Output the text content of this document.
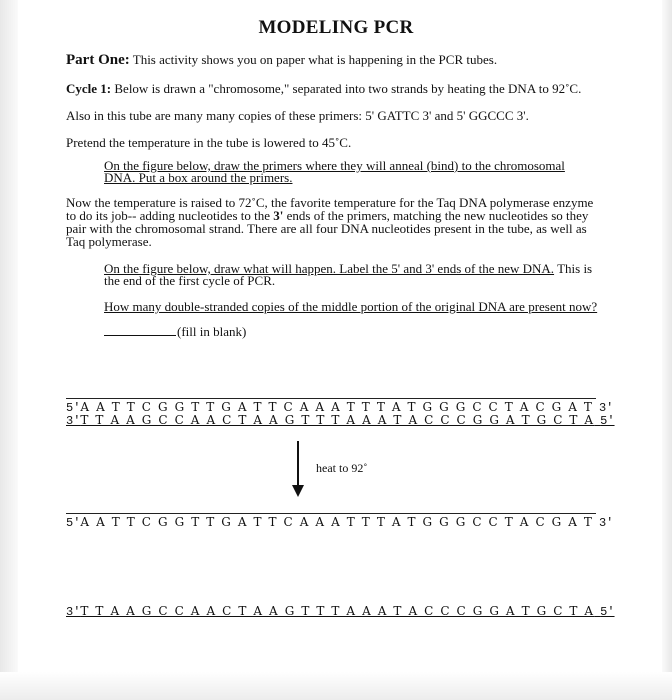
MODELING PCR
Part One: This activity shows you on paper what is happening in the PCR tubes.
Cycle 1: Below is drawn a "chromosome," separated into two strands by heating the DNA to 92˚C.
Also in this tube are many many copies of these primers: 5' GATTC 3' and 5' GGCCC 3'.
Pretend the temperature in the tube is lowered to 45˚C.
On the figure below, draw the primers where they will anneal (bind) to the chromosomal DNA. Put a box around the primers.
Now the temperature is raised to 72˚C, the favorite temperature for the Taq DNA polymerase enzyme to do its job-- adding nucleotides to the 3' ends of the primers, matching the new nucleotides so they pair with the chromosomal strand. There are all four DNA nucleotides present in the tube, as well as Taq polymerase.
On the figure below, draw what will happen. Label the 5' and 3' ends of the new DNA. This is the end of the first cycle of PCR.
How many double-stranded copies of the middle portion of the original DNA are present now?
(fill in blank)
5'A A T T C G G T T G A T T C A A A T T T A T G G G C C T A C G A T 3'
3'T T A A G C C A A C T A A G T T T A A A T A C C C G G A T G C T A 5'
heat to 92˚
5'A A T T C G G T T G A T T C A A A T T T A T G G G C C T A C G A T 3'
3'T T A A G C C A A C T A A G T T T A A A T A C C C G G A T G C T A 5'
